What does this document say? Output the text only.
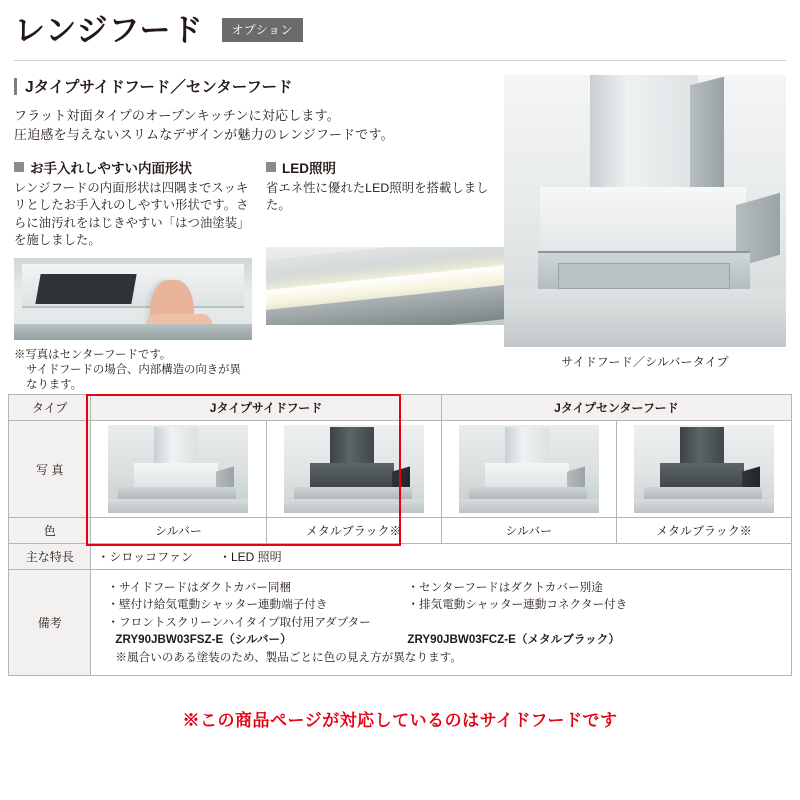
レンジフード	オプション
Jタイプサイドフード／センターフード

フラット対面タイプのオープンキッチンに対応します。
圧迫感を与えないスリムなデザインが魅力のレンジフードです。

お手入れしやすい内面形状

レンジフードの内面形状は四隅までスッキリとしたお手入れのしやすい形状です。さらに油汚れをはじきやすい「はつ油塗装」を施しました。

※写真はセンターフードです。
サイドフードの場合、内部構造の向きが異なります。
LED照明

省エネ性に優れたLED照明を搭載しました。

サイドフード／シルバータイプ
タイプ	Jタイプサイドフード		Jタイプセンターフード	
写 真	

色	シルバー	メタルブラック※	シルバー	メタルブラック※
主な特長	・ シロッコファン ・ LED 照明

備考	
・ サイドフードはダクトカバー同梱
・ 壁付け給気電動シャッター連動端子付き
・ センターフードはダクトカバー別途
・ 排気電動シャッター連動コネクター付き
・ フロントスクリーンハイタイプ取付用アダプター
ZRY90JBW03FSZ-E（シルバー）	ZRY90JBW03FCZ-E（メタルブラック）
※風合いのある塗装のため、製品ごとに色の見え方が異なります。
※この商品ページが対応しているのはサイドフードです
